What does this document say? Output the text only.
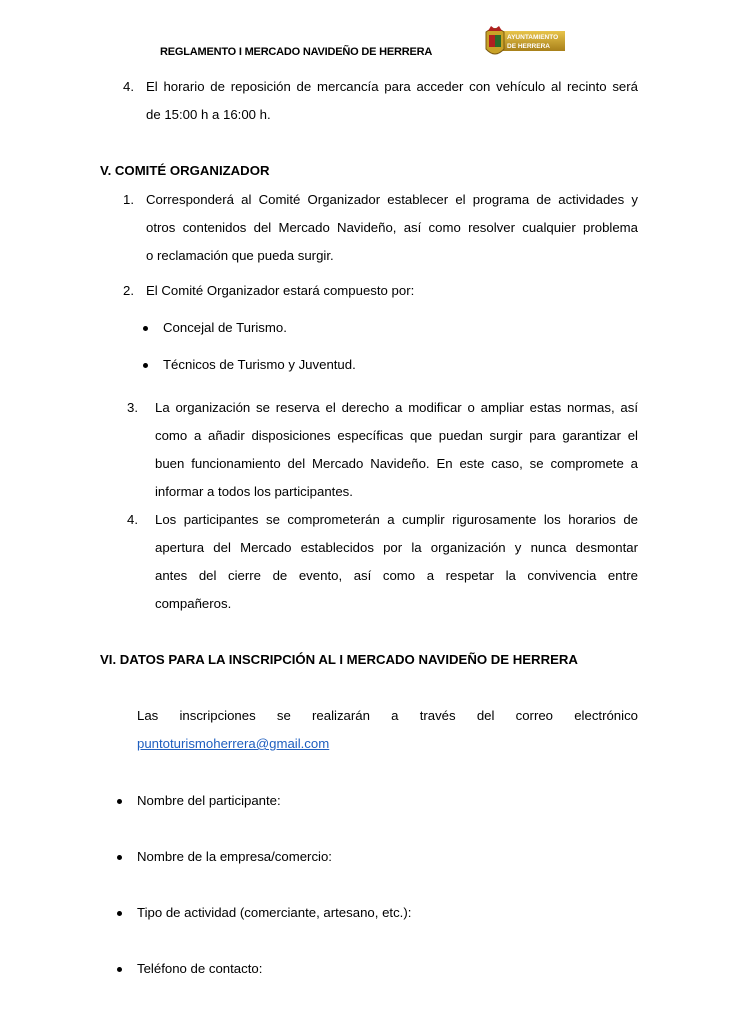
REGLAMENTO I MERCADO NAVIDEÑO DE HERRERA
AYUNTAMIENTO
DE HERRERA
4. El horario de reposición de mercancía para acceder con vehículo al recinto será
de 15:00 h a 16:00 h.
V. COMITÉ ORGANIZADOR
1. Corresponderá al Comité Organizador establecer el programa de actividades y
otros contenidos del Mercado Navideño, así como resolver cualquier problema
o reclamación que pueda surgir.
2. El Comité Organizador estará compuesto por:
Concejal de Turismo.
Técnicos de Turismo y Juventud.
3. La organización se reserva el derecho a modificar o ampliar estas normas, así
como a añadir disposiciones específicas que puedan surgir para garantizar el
buen funcionamiento del Mercado Navideño. En este caso, se compromete a
informar a todos los participantes.
4. Los participantes se comprometerán a cumplir rigurosamente los horarios de
apertura del Mercado establecidos por la organización y nunca desmontar
antes del cierre de evento, así como a respetar la convivencia entre
compañeros.
VI. DATOS PARA LA INSCRIPCIÓN AL I MERCADO NAVIDEÑO DE HERRERA
Las inscripciones se realizarán a través del correo electrónico
puntoturismoherrera@gmail.com
Nombre del participante:
Nombre de la empresa/comercio:
Tipo de actividad (comerciante, artesano, etc.):
Teléfono de contacto:
